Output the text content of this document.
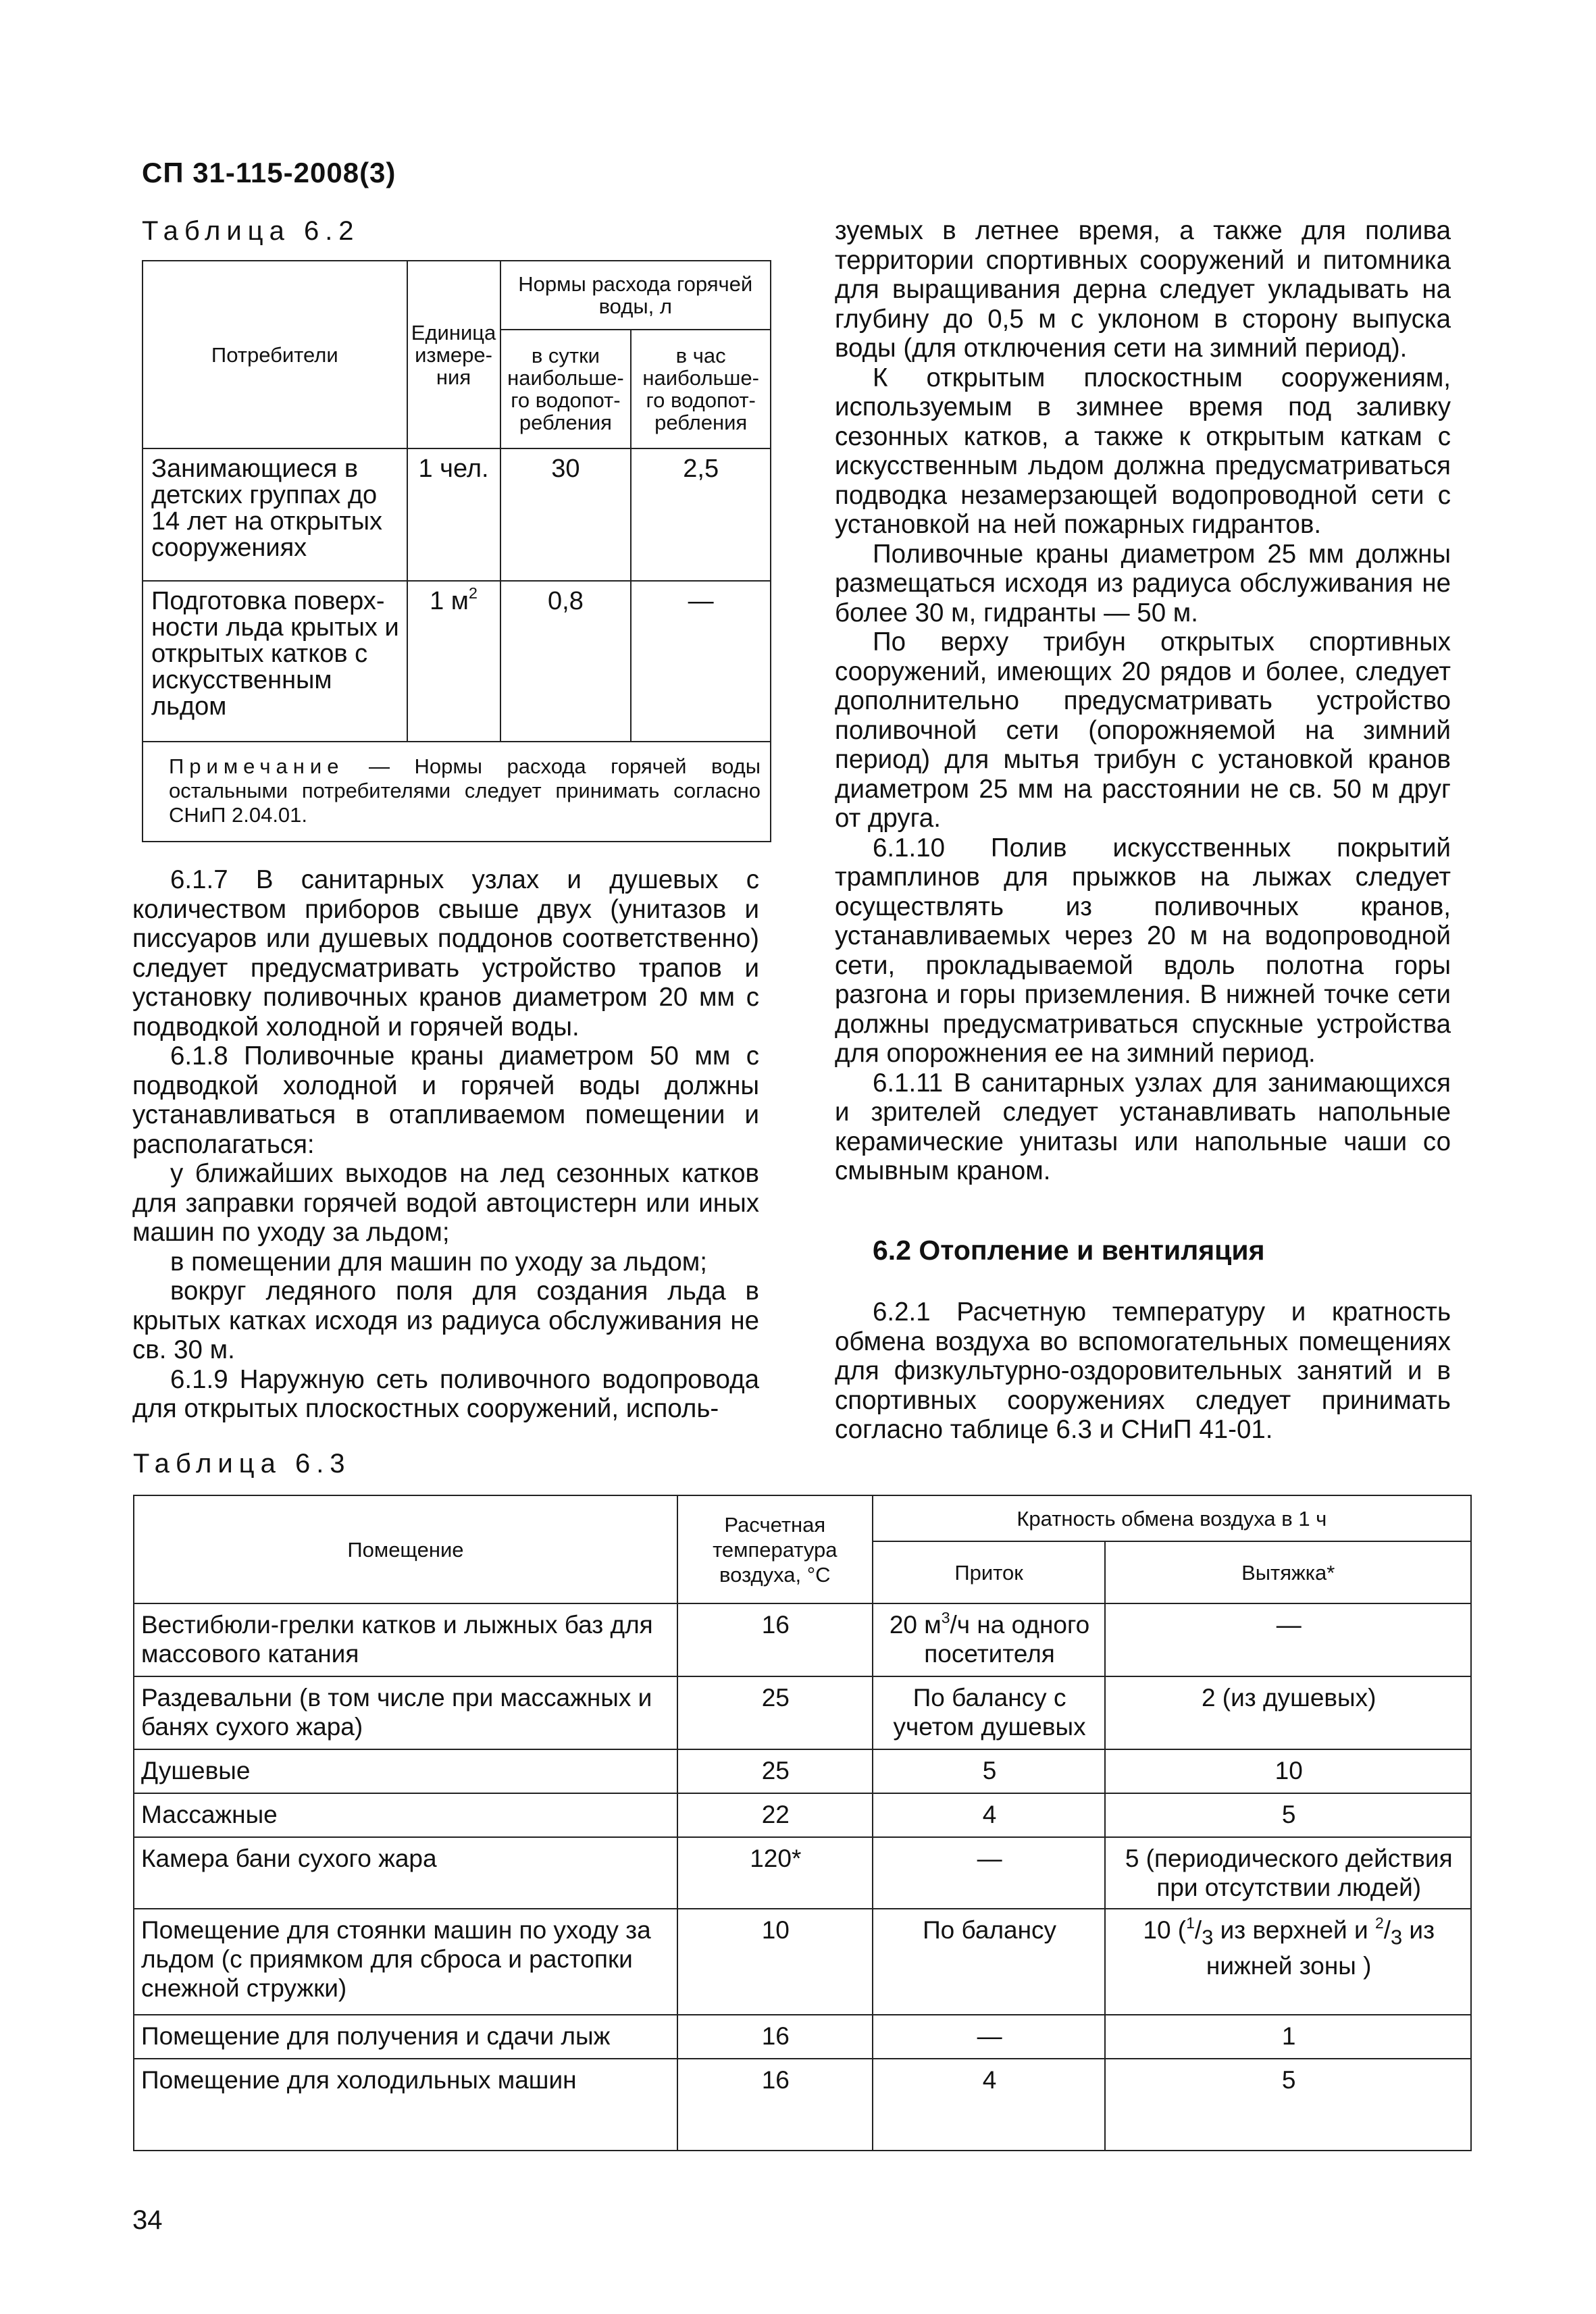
СП 31-115-2008(3)
Таблица 6.2
Потребители	Единица измере-ния	Нормы расхода горячей воды, л	
		в сутки наибольше-го водопот-ребления	в час наибольше-го водопот-ребления
Занимающиеся в детских группах до 14 лет на открытых сооружениях	1 чел.	30	2,5
Подготовка поверх-ности льда крытых и открытых катков с искусственным льдом	1 $м^2$	0,8	—
Примечание — Нормы расхода горячей воды остальными потребителями следует принимать согласно СНиП 2.04.01.			

6.1.7 В санитарных узлах и душевых с количеством приборов свыше двух (унитазов и писсуаров или душевых поддонов соответственно) следует предусматривать устройство трапов и установку поливочных кранов диаметром 20 мм с подводкой холодной и горячей воды.

6.1.8 Поливочные краны диаметром 50 мм с подводкой холодной и горячей воды должны устанавливаться в отапливаемом помещении и располагаться:

у ближайших выходов на лед сезонных катков для заправки горячей водой автоцистерн или иных машин по уходу за льдом;

в помещении для машин по уходу за льдом;

вокруг ледяного поля для создания льда в крытых катках исходя из радиуса обслуживания не св. 30 м.

6.1.9 Наружную сеть поливочного водопровода для открытых плоскостных сооружений, исполь-

зуемых в летнее время, а также для полива территории спортивных сооружений и питомника для выращивания дерна следует укладывать на глубину до 0,5 м с уклоном в сторону выпуска воды (для отключения сети на зимний период).

К открытым плоскостным сооружениям, используемым в зимнее время под заливку сезонных катков, а также к открытым каткам с искусственным льдом должна предусматриваться подводка незамерзающей водопроводной сети с установкой на ней пожарных гидрантов.

Поливочные краны диаметром 25 мм должны размещаться исходя из радиуса обслуживания не более 30 м, гидранты — 50 м.

По верху трибун открытых спортивных сооружений, имеющих 20 рядов и более, следует дополнительно предусматривать устройство поливочной сети (опорожняемой на зимний период) для мытья трибун с установкой кранов диаметром 25 мм на расстоянии не св. 50 м друг от друга.

6.1.10 Полив искусственных покрытий трамплинов для прыжков на лыжах следует осуществлять из поливочных кранов, устанавливаемых через 20 м на водопроводной сети, прокладываемой вдоль полотна горы разгона и горы приземления. В нижней точке сети должны предусматриваться спускные устройства для опорожнения ее на зимний период.

6.1.11 В санитарных узлах для занимающихся и зрителей следует устанавливать напольные керамические унитазы или напольные чаши со смывным краном.

6.2 Отопление и вентиляция

6.2.1 Расчетную температуру и кратность обмена воздуха во вспомогательных помещениях для физкультурно-оздоровительных занятий и в спортивных сооружениях следует принимать согласно таблице 6.3 и СНиП 41-01.

Таблица 6.3
Помещение	Расчетная температура воздуха, °С	Кратность обмена воздуха в 1 ч	
		Приток	Вытяжка*
Вестибюли-грелки катков и лыжных баз для массового катания	16	20 $м^3/ч$ на одного посетителя	—
Раздевальни (в том числе при массажных и банях сухого жара)	25	По балансу с учетом душевых	2 (из душевых)
Душевые	25	5	10
Массажные	22	4	5
Камера бани сухого жара	120*	—	5 (периодического действия при отсутствии людей)
Помещение для стоянки машин по уходу за льдом (с приямком для сброса и растопки снежной стружки)	10	По балансу	10 ($^1/_3$ из верхней и $^2/_3$ из нижней зоны )
Помещение для получения и сдачи лыж	16	—	1
Помещение для холодильных машин	16	4	5
34
